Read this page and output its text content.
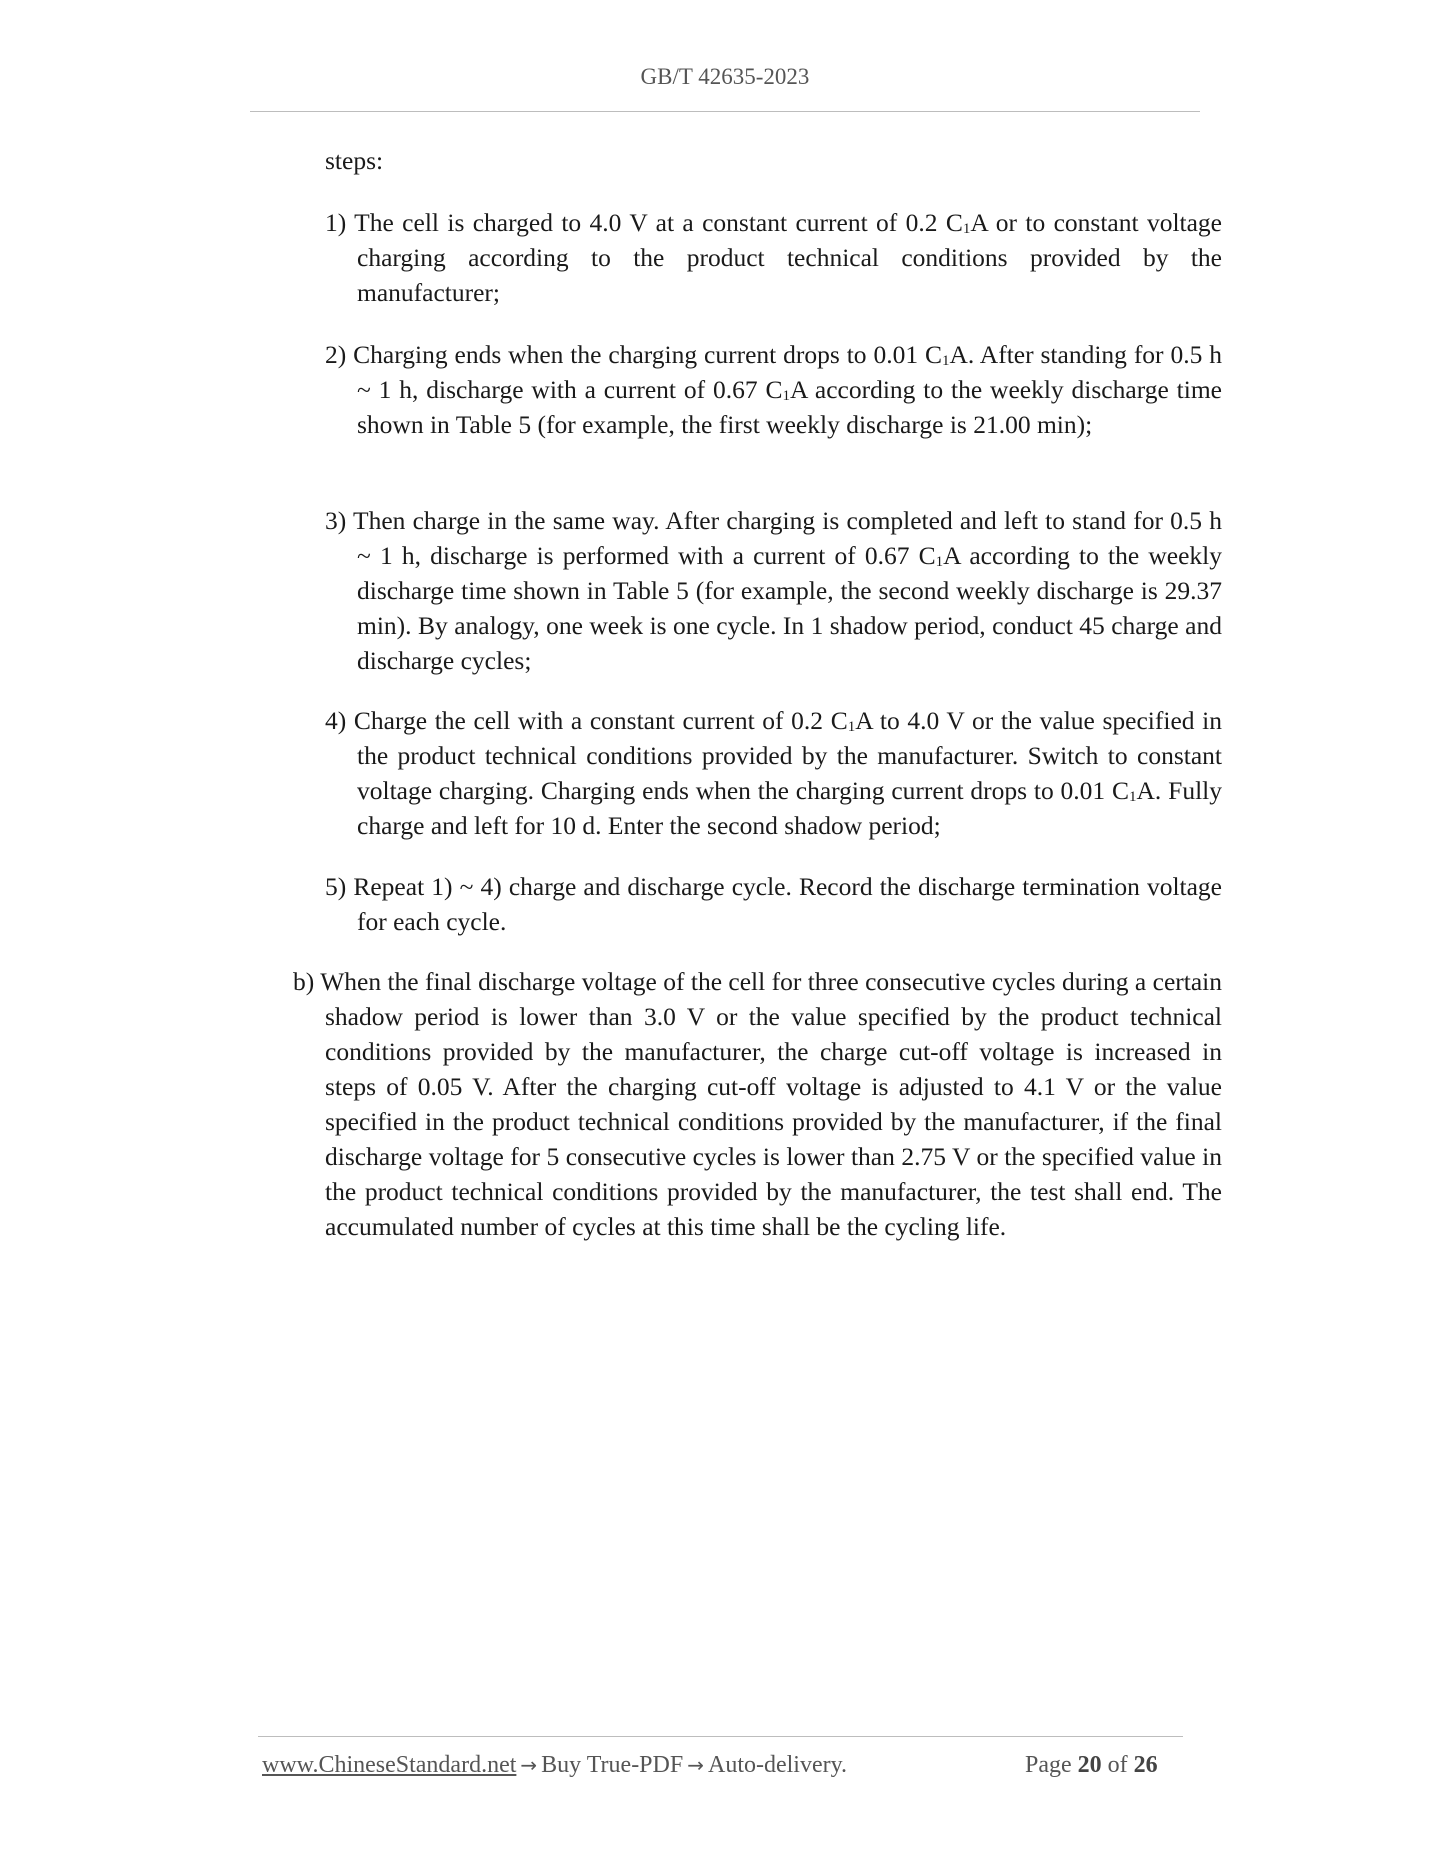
GB/T 42635-2023

steps:

1) The cell is charged to 4.0 V at a constant current of 0.2 $C_1A$ or to constant voltage charging according to the product technical conditions provided by the manufacturer;

2) Charging ends when the charging current drops to 0.01 $C_1A$. After standing for 0.5 h ~ 1 h, discharge with a current of 0.67 $C_1A$ according to the weekly discharge time shown in Table 5 (for example, the first weekly discharge is 21.00 min);

3) Then charge in the same way. After charging is completed and left to stand for 0.5 h ~ 1 h, discharge is performed with a current of 0.67 $C_1A$ according to the weekly discharge time shown in Table 5 (for example, the second weekly discharge is 29.37 min). By analogy, one week is one cycle. In 1 shadow period, conduct 45 charge and discharge cycles;

4) Charge the cell with a constant current of 0.2 $C_1A$ to 4.0 V or the value specified in the product technical conditions provided by the manufacturer. Switch to constant voltage charging. Charging ends when the charging current drops to 0.01 $C_1A$. Fully charge and left for 10 d. Enter the second shadow period;

5) Repeat 1) ~ 4) charge and discharge cycle. Record the discharge termination voltage for each cycle.

b) When the final discharge voltage of the cell for three consecutive cycles during a certain shadow period is lower than 3.0 V or the value specified by the product technical conditions provided by the manufacturer, the charge cut-off voltage is increased in steps of 0.05 V. After the charging cut-off voltage is adjusted to 4.1 V or the value specified in the product technical conditions provided by the manufacturer, if the final discharge voltage for 5 consecutive cycles is lower than 2.75 V or the specified value in the product technical conditions provided by the manufacturer, the test shall end. The accumulated number of cycles at this time shall be the cycling life.

www.ChineseStandard.net → Buy True-PDF → Auto-delivery.	Page 20 of 26
